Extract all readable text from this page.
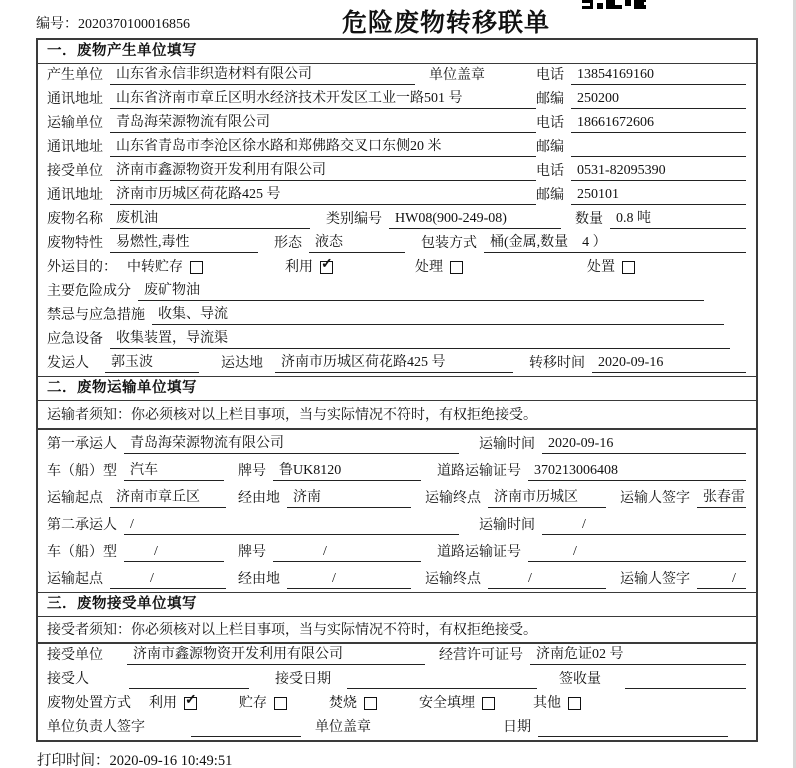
编号：2020370100016856	危险废物转移联单
一．废物产生单位填写
产生单位 山东省永信非织造材料有限公司	单位盖章	电话 13854169160
通讯地址 山东省济南市章丘区明水经济技术开发区工业一路501 号	邮编 250200
运输单位 青岛海荣源物流有限公司	电话 18661672606
通讯地址 山东省青岛市李沧区徐水路和郑佛路交叉口东侧20 米	邮编
接受单位 济南市鑫源物资开发利用有限公司	电话 0531-82095390
通讯地址 济南市历城区荷花路425 号	邮编 250101
废物名称 废机油	类别编号 HW08(900-249-08)	数量 0.8 吨
废物特性 易燃性,毒性	形态 液态	包装方式 桶(金属,数量　4 ）
外运目的： 中转贮存	利用 ✓	处理	处置
主要危险成分 废矿物油
禁忌与应急措施 收集、导流
应急设备 收集装置，导流渠
发运人	郭玉波	运达地	济南市历城区荷花路425 号	转移时间 2020-09-16
二．废物运输单位填写
运输者须知：你必须核对以上栏目事项，当与实际情况不符时，有权拒绝接受。
第一承运人 青岛海荣源物流有限公司	运输时间 2020-09-16
车（船）型 汽车	牌号 鲁UK8120	道路运输证号 370213006408
运输起点 济南市章丘区	经由地 济南	运输终点 济南市历城区	运输人签字 张春雷
第二承运人 /	运输时间	/
车（船）型	/	牌号	/	道路运输证号	/
运输起点	/	经由地	/	运输终点	/	运输人签字	/
三．废物接受单位填写
接受者须知：你必须核对以上栏目事项，当与实际情况不符时，有权拒绝接受。
接受单位	济南市鑫源物资开发利用有限公司	经营许可证号 济南危证02 号
接受人	接受日期	签收量
废物处置方式 利用 ✓	贮存	焚烧	安全填埋	其他
单位负责人签字	单位盖章	日期
打印时间：2020-09-16 10:49:51
